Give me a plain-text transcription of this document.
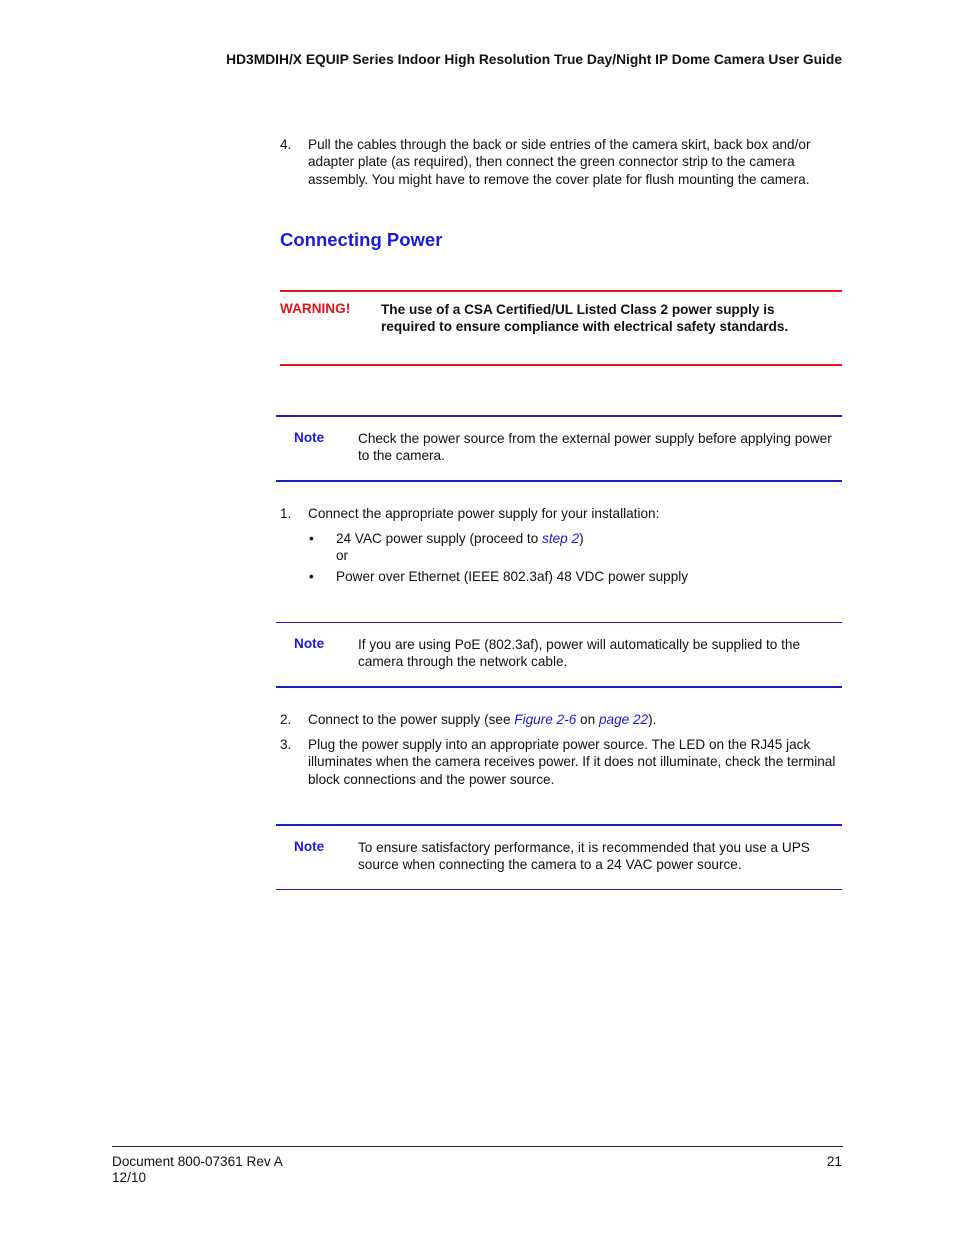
HD3MDIH/X EQUIP Series Indoor High Resolution True Day/Night IP Dome Camera User Guide
4. Pull the cables through the back or side entries of the camera skirt, back box and/or adapter plate (as required), then connect the green connector strip to the camera assembly. You might have to remove the cover plate for flush mounting the camera.
Connecting Power
WARNING! The use of a CSA Certified/UL Listed Class 2 power supply is required to ensure compliance with electrical safety standards.
Note Check the power source from the external power supply before applying power to the camera.
1. Connect the appropriate power supply for your installation:
• 24 VAC power supply (proceed to step 2)
or
• Power over Ethernet (IEEE 802.3af) 48 VDC power supply
Note If you are using PoE (802.3af), power will automatically be supplied to the camera through the network cable.
2. Connect to the power supply (see Figure 2-6 on page 22).
3. Plug the power supply into an appropriate power source. The LED on the RJ45 jack illuminates when the camera receives power. If it does not illuminate, check the terminal block connections and the power source.
Note To ensure satisfactory performance, it is recommended that you use a UPS source when connecting the camera to a 24 VAC power source.
Document 800-07361 Rev A
12/10
21
